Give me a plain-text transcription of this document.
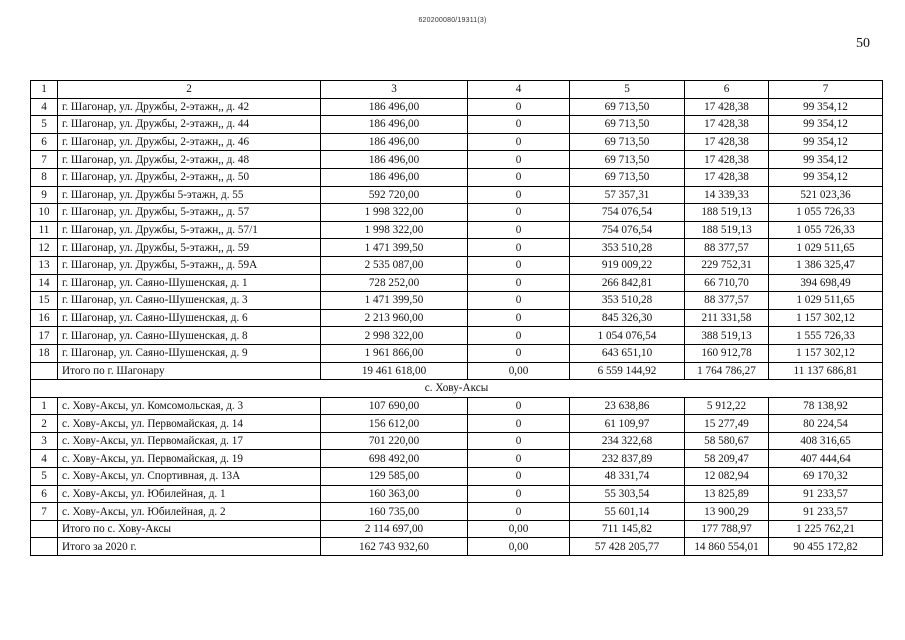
620200080/19311(3)
50
1	2	3	4	5	6	7
4	г. Шагонар, ул. Дружбы, 2-этажн,, д. 42	186 496,00	0	69 713,50	17 428,38	99 354,12
5	г. Шагонар, ул. Дружбы, 2-этажн,, д. 44	186 496,00	0	69 713,50	17 428,38	99 354,12
6	г. Шагонар, ул. Дружбы, 2-этажн,, д. 46	186 496,00	0	69 713,50	17 428,38	99 354,12
7	г. Шагонар, ул. Дружбы, 2-этажн,, д. 48	186 496,00	0	69 713,50	17 428,38	99 354,12
8	г. Шагонар, ул. Дружбы, 2-этажн,, д. 50	186 496,00	0	69 713,50	17 428,38	99 354,12
9	г. Шагонар, ул. Дружбы 5-этажн, д. 55	592 720,00	0	57 357,31	14 339,33	521 023,36
10	г. Шагонар, ул. Дружбы, 5-этажн,, д. 57	1 998 322,00	0	754 076,54	188 519,13	1 055 726,33
11	г. Шагонар, ул. Дружбы, 5-этажн,, д. 57/1	1 998 322,00	0	754 076,54	188 519,13	1 055 726,33
12	г. Шагонар, ул. Дружбы, 5-этажн,, д. 59	1 471 399,50	0	353 510,28	88 377,57	1 029 511,65
13	г. Шагонар, ул. Дружбы, 5-этажн,, д. 59А	2 535 087,00	0	919 009,22	229 752,31	1 386 325,47
14	г. Шагонар, ул. Саяно-Шушенская, д. 1	728 252,00	0	266 842,81	66 710,70	394 698,49
15	г. Шагонар, ул. Саяно-Шушенская, д. 3	1 471 399,50	0	353 510,28	88 377,57	1 029 511,65
16	г. Шагонар, ул. Саяно-Шушенская, д. 6	2 213 960,00	0	845 326,30	211 331,58	1 157 302,12
17	г. Шагонар, ул. Саяно-Шушенская, д. 8	2 998 322,00	0	1 054 076,54	388 519,13	1 555 726,33
18	г. Шагонар, ул. Саяно-Шушенская, д. 9	1 961 866,00	0	643 651,10	160 912,78	1 157 302,12
	Итого по г. Шагонару	19 461 618,00	0,00	6 559 144,92	1 764 786,27	11 137 686,81
с. Хову-Аксы						
1	с. Хову-Аксы, ул. Комсомольская, д. 3	107 690,00	0	23 638,86	5 912,22	78 138,92
2	с. Хову-Аксы, ул. Первомайская, д. 14	156 612,00	0	61 109,97	15 277,49	80 224,54
3	с. Хову-Аксы, ул. Первомайская, д. 17	701 220,00	0	234 322,68	58 580,67	408 316,65
4	с. Хову-Аксы, ул. Первомайская, д. 19	698 492,00	0	232 837,89	58 209,47	407 444,64
5	с. Хову-Аксы, ул. Спортивная, д. 13А	129 585,00	0	48 331,74	12 082,94	69 170,32
6	с. Хову-Аксы, ул. Юбилейная, д. 1	160 363,00	0	55 303,54	13 825,89	91 233,57
7	с. Хову-Аксы, ул. Юбилейная, д. 2	160 735,00	0	55 601,14	13 900,29	91 233,57
	Итого по с. Хову-Аксы	2 114 697,00	0,00	711 145,82	177 788,97	1 225 762,21
	Итого за 2020 г.	162 743 932,60	0,00	57 428 205,77	14 860 554,01	90 455 172,82
